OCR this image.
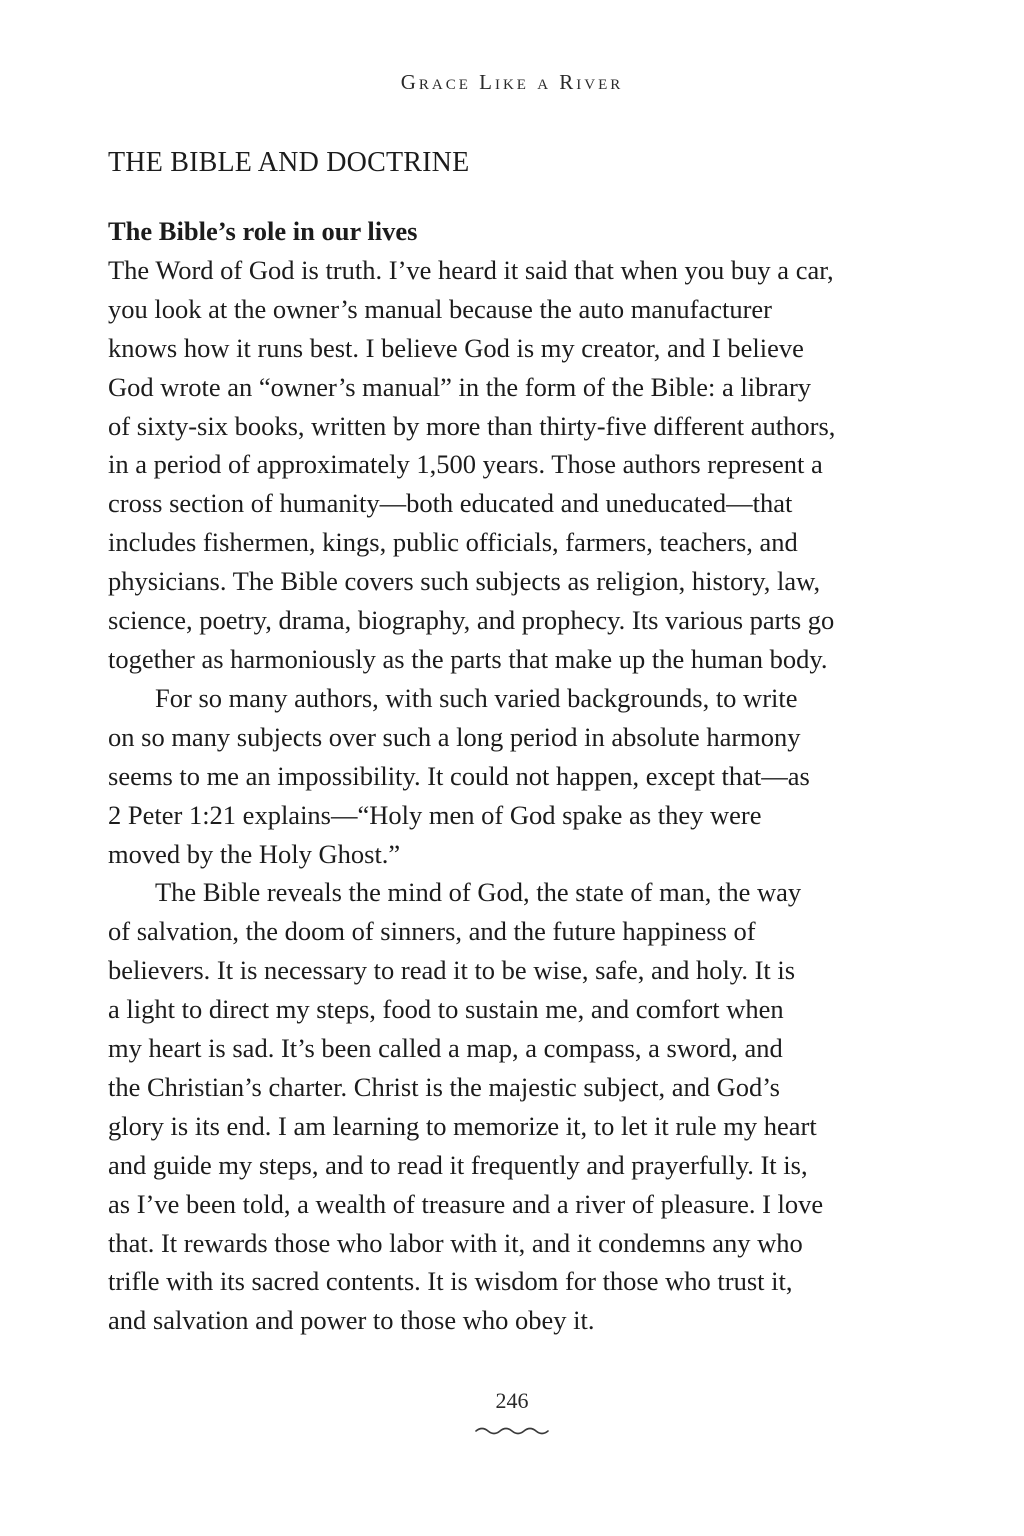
Grace Like a River
THE BIBLE AND DOCTRINE
The Bible’s role in our lives
The Word of God is truth. I’ve heard it said that when you buy a car,
you look at the owner’s manual because the auto manufacturer
knows how it runs best. I believe God is my creator, and I believe
God wrote an “owner’s manual” in the form of the Bible: a library
of sixty-six books, written by more than thirty-five different authors,
in a period of approximately 1,500 years. Those authors represent a
cross section of humanity—both educated and uneducated—that
includes fishermen, kings, public officials, farmers, teachers, and
physicians. The Bible covers such subjects as religion, history, law,
science, poetry, drama, biography, and prophecy. Its various parts go
together as harmoniously as the parts that make up the human body.
For so many authors, with such varied backgrounds, to write
on so many subjects over such a long period in absolute harmony
seems to me an impossibility. It could not happen, except that—as
2 Peter 1:21 explains—“Holy men of God spake as they were
moved by the Holy Ghost.”
The Bible reveals the mind of God, the state of man, the way
of salvation, the doom of sinners, and the future happiness of
believers. It is necessary to read it to be wise, safe, and holy. It is
a light to direct my steps, food to sustain me, and comfort when
my heart is sad. It’s been called a map, a compass, a sword, and
the Christian’s charter. Christ is the majestic subject, and God’s
glory is its end. I am learning to memorize it, to let it rule my heart
and guide my steps, and to read it frequently and prayerfully. It is,
as I’ve been told, a wealth of treasure and a river of pleasure. I love
that. It rewards those who labor with it, and it condemns any who
trifle with its sacred contents. It is wisdom for those who trust it,
and salvation and power to those who obey it.
246
